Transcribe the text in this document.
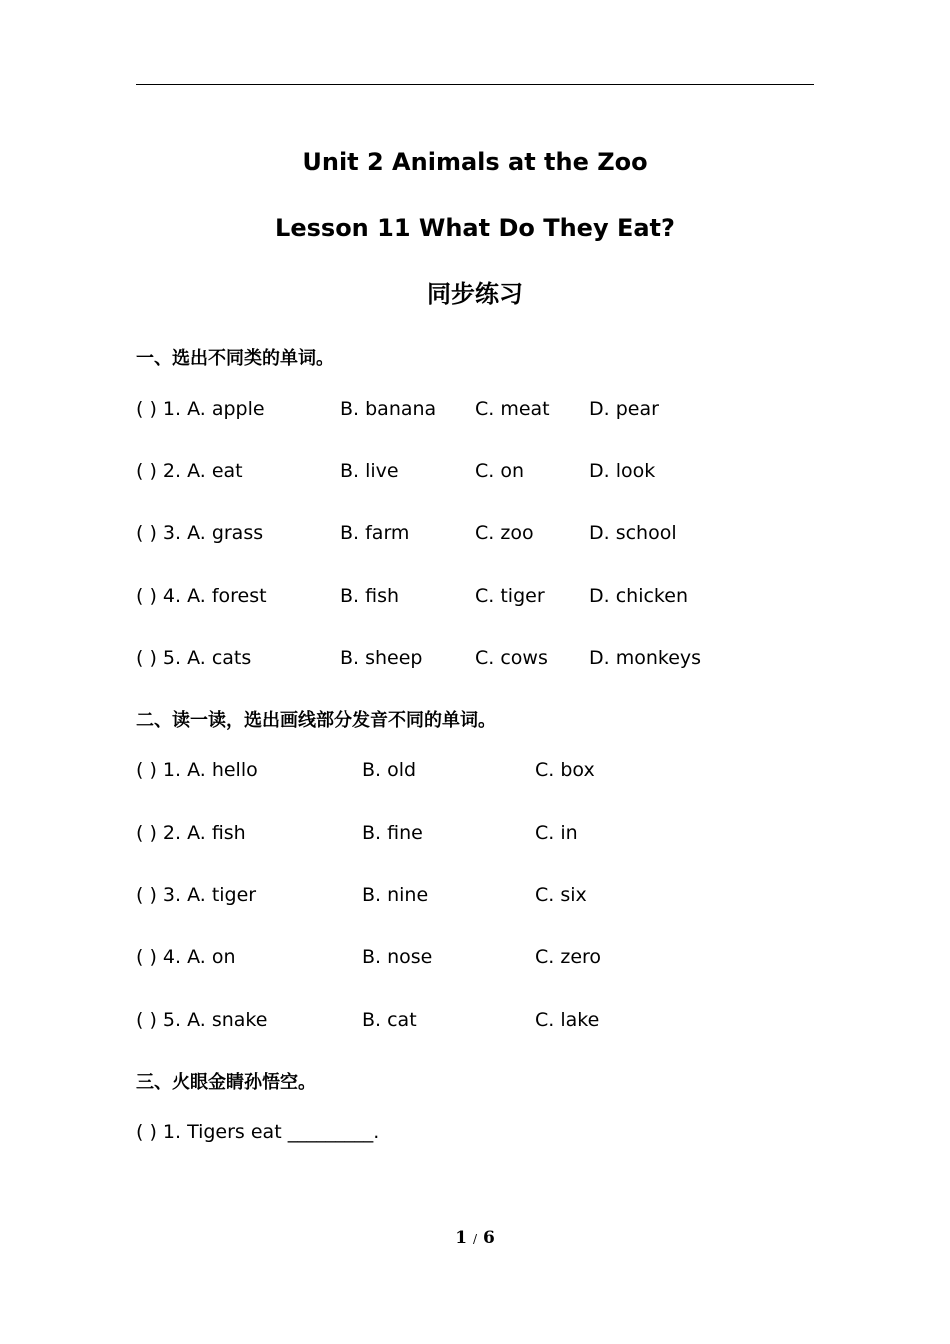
Unit 2 Animals at the Zoo
Lesson 11 What Do They Eat?
同步练习
一、选出不同类的单词。
( ) 1. A. apple	B. banana C. meat D. pear
( ) 2. A. eat	B. live	C. on	D. look
( ) 3. A. grass	B. farm	C. zoo	D. school
( ) 4. A. forest	B. fish	C. tiger D. chicken
( ) 5. A. cats	B. sheep	C. cows D. monkeys
二、读一读，选出画线部分发音不同的单词。
( ) 1. A. hello	B. old	C. box
( ) 2. A. fish	B. fine	C. in
( ) 3. A. tiger	B. nine	C. six
( ) 4. A. on	B. nose	C. zero
( ) 5. A. snake	B. cat	C. lake
三、火眼金睛孙悟空。
( ) 1. Tigers eat _________.
1 / 6
